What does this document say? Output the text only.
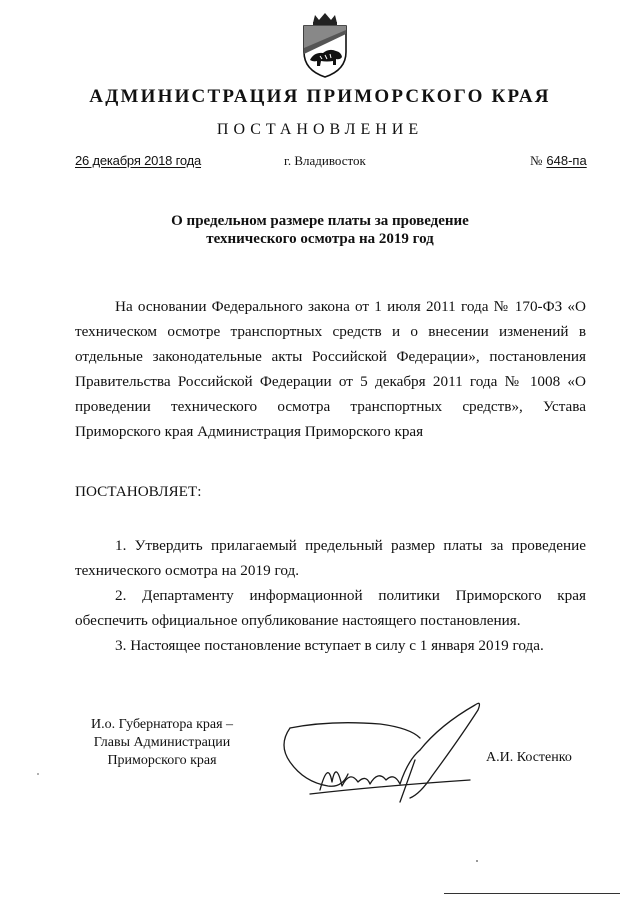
АДМИНИСТРАЦИЯ ПРИМОРСКОГО КРАЯ
ПОСТАНОВЛЕНИЕ
26 декабря 2018 года	г. Владивосток	№ 648-па
О предельном размере платы за проведение
технического осмотра на 2019 год
На основании Федерального закона от 1 июля 2011 года № 170-ФЗ «О техническом осмотре транспортных средств и о внесении изменений в отдельные законодательные акты Российской Федерации», постановления Правительства Российской Федерации от 5 декабря 2011 года № 1008 «О проведении технического осмотра транспортных средств», Устава Приморского края Администрация Приморского края
ПОСТАНОВЛЯЕТ:

1. Утвердить прилагаемый предельный размер платы за проведение технического осмотра на 2019 год.

2. Департаменту информационной политики Приморского края обеспечить официальное опубликование настоящего постановления.

3. Настоящее постановление вступает в силу с 1 января 2019 года.

И.о. Губернатора края –
Главы Администрации
Приморского края	А.И. Костенко
